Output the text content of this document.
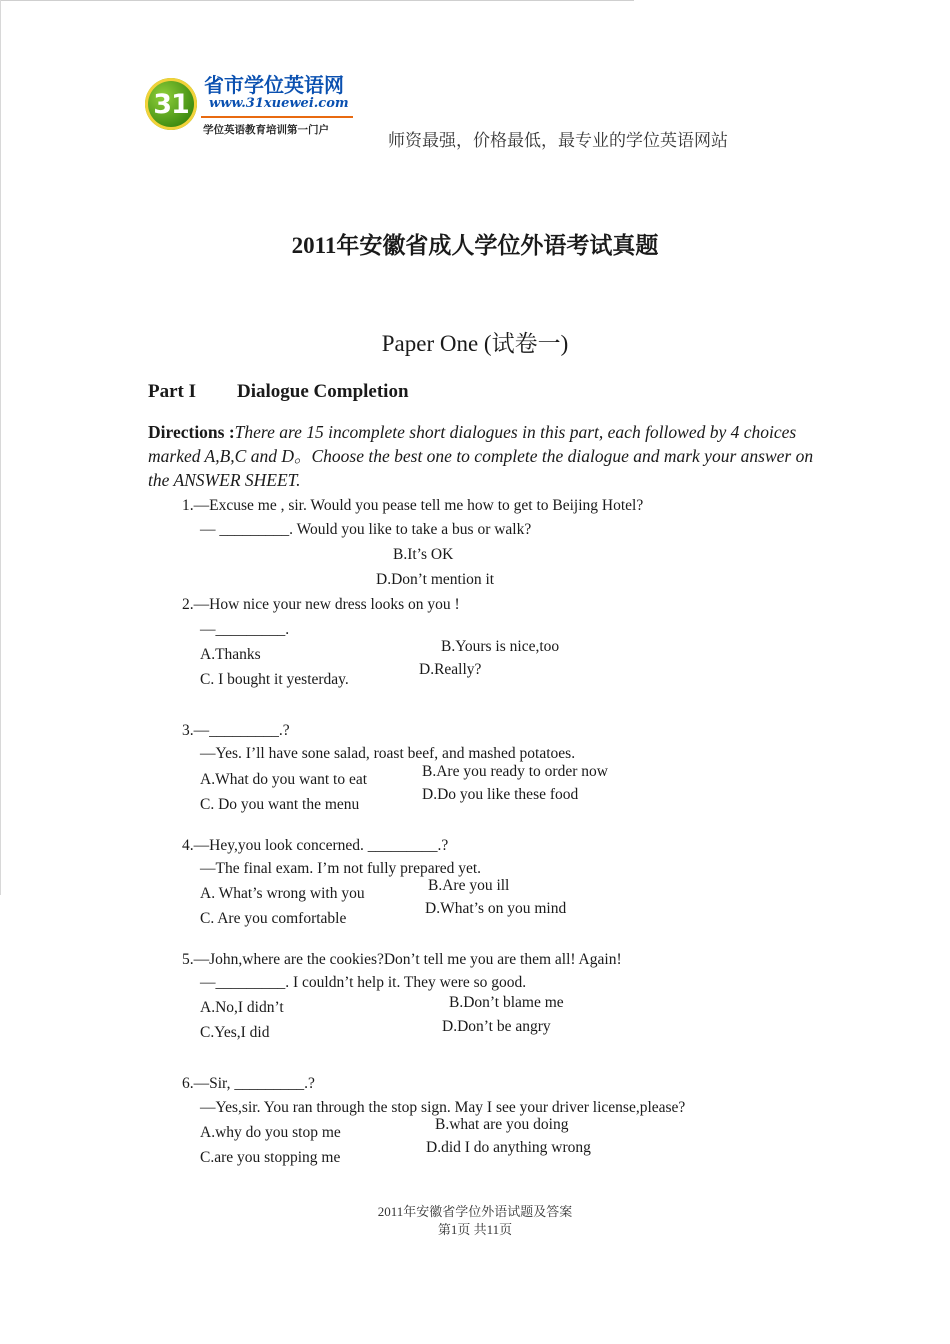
31
省市学位英语网
www.31xuewei.com
学位英语教育培训第一门户
师资最强，价格最低，最专业的学位英语网站
2011年安徽省成人学位外语考试真题
Paper One (试卷一)
Part I Dialogue Completion
Directions :There are 15 incomplete short dialogues in this part, each followed by 4 choices marked A,B,C and D。Choose the best one to complete the dialogue and mark your answer on the ANSWER SHEET.
1.—Excuse me , sir. Would you pease tell me how to get to Beijing Hotel?
— _________. Would you like to take a bus or walk?
B.It’s OK
D.Don’t mention it
2.—How nice your new dress looks on you !
—_________.
B.Yours is nice,too
A.Thanks
D.Really?
C. I bought it yesterday.
3.—_________.?
—Yes. I’ll have sone salad, roast beef, and mashed potatoes.
B.Are you ready to order now
A.What do you want to eat
D.Do you like these food
C. Do you want the menu
4.—Hey,you look concerned. _________.?
—The final exam. I’m not fully prepared yet.
B.Are you ill
A. What’s wrong with you
D.What’s on you mind
C. Are you comfortable
5.—John,where are the cookies?Don’t tell me you are them all! Again!
—_________. I couldn’t help it. They were so good.
B.Don’t blame me
A.No,I didn’t
D.Don’t be angry
C.Yes,I did
6.—Sir, _________.?
—Yes,sir. You ran through the stop sign. May I see your driver license,please?
B.what are you doing
A.why do you stop me
D.did I do anything wrong
C.are you stopping me
2011年安徽省学位外语试题及答案
第1页 共11页
